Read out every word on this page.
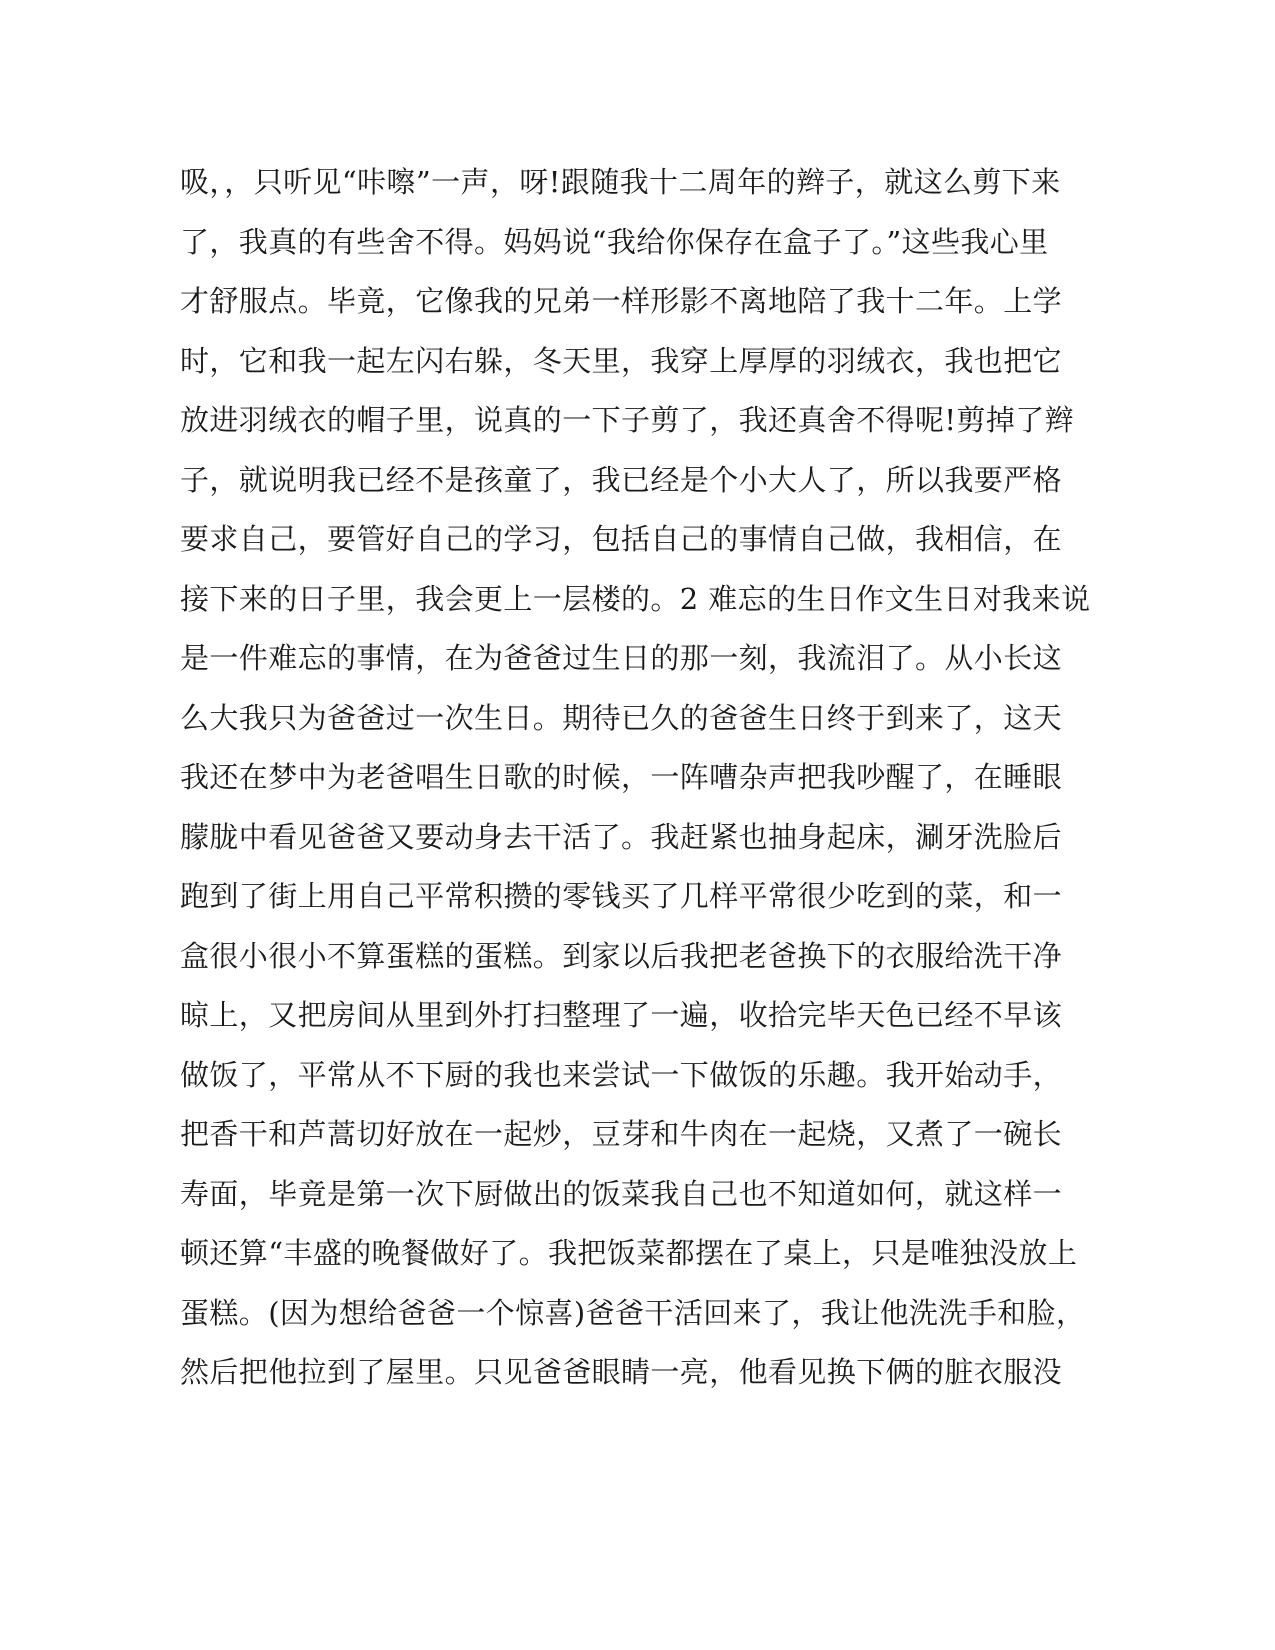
吸，，只听见“咔嚓”一声，呀!跟随我十二周年的辫子，就这么剪下来
了，我真的有些舍不得。妈妈说“我给你保存在盒子了。”这些我心里
才舒服点。毕竟，它像我的兄弟一样形影不离地陪了我十二年。上学
时，它和我一起左闪右躲，冬天里，我穿上厚厚的羽绒衣，我也把它
放进羽绒衣的帽子里，说真的一下子剪了，我还真舍不得呢!剪掉了辫
子，就说明我已经不是孩童了，我已经是个小大人了，所以我要严格
要求自己，要管好自己的学习，包括自己的事情自己做，我相信，在
接下来的日子里，我会更上一层楼的。2 难忘的生日作文生日对我来说
是一件难忘的事情，在为爸爸过生日的那一刻，我流泪了。从小长这
么大我只为爸爸过一次生日。期待已久的爸爸生日终于到来了，这天
我还在梦中为老爸唱生日歌的时候，一阵嘈杂声把我吵醒了，在睡眼
朦胧中看见爸爸又要动身去干活了。我赶紧也抽身起床，涮牙洗脸后
跑到了街上用自己平常积攒的零钱买了几样平常很少吃到的菜，和一
盒很小很小不算蛋糕的蛋糕。到家以后我把老爸换下的衣服给洗干净
晾上，又把房间从里到外打扫整理了一遍，收拾完毕天色已经不早该
做饭了，平常从不下厨的我也来尝试一下做饭的乐趣。我开始动手，
把香干和芦蒿切好放在一起炒，豆芽和牛肉在一起烧，又煮了一碗长
寿面，毕竟是第一次下厨做出的饭菜我自己也不知道如何，就这样一
顿还算“丰盛的晚餐做好了。我把饭菜都摆在了桌上，只是唯独没放上
蛋糕。(因为想给爸爸一个惊喜)爸爸干活回来了，我让他洗洗手和脸，
然后把他拉到了屋里。只见爸爸眼睛一亮，他看见换下俩的脏衣服没
